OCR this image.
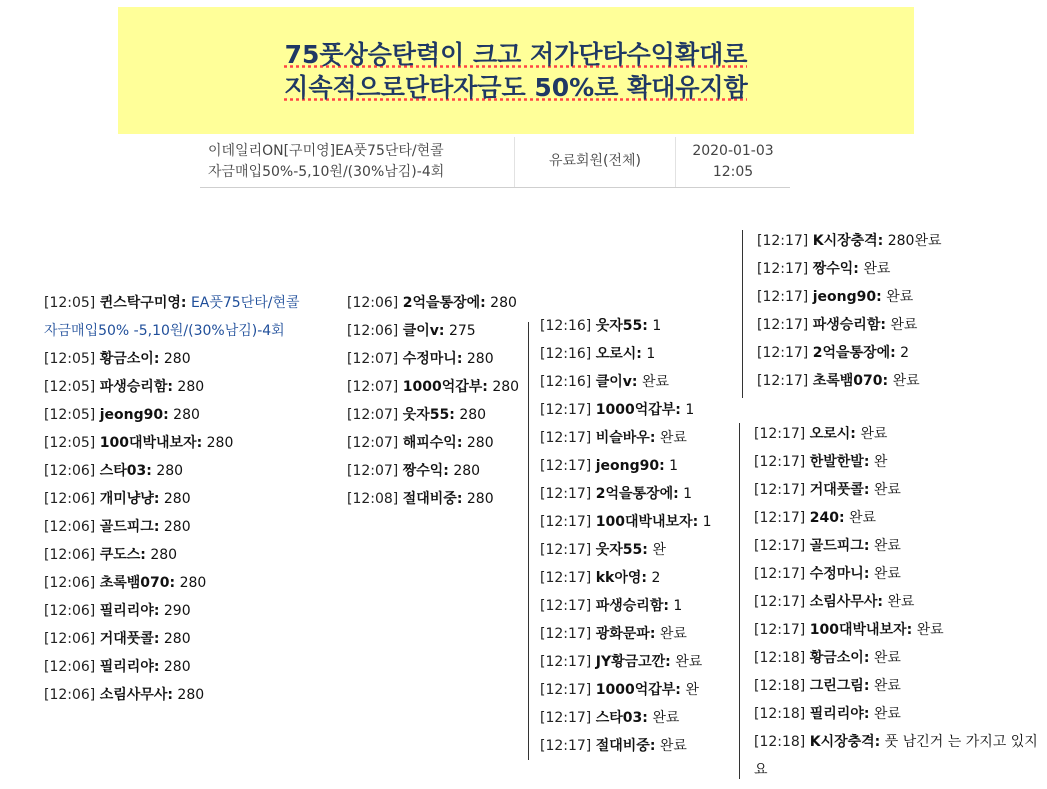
75풋상승탄력이 크고 저가단타수익확대로
지속적으로단타자금도 50%로 확대유지함
이데일리ON[구미영]EA풋75단타/현콜
자금매입50%-5,10원/(30%남김)-4회
유료회원(전체)
2020-01-03
12:05
[12:05] 퀸스탁구미영: EA풋75단타/현콜
자금매입50% -5,10원/(30%남김)-4회
[12:05] 황금소이: 280
[12:05] 파생승리함: 280
[12:05] jeong90: 280
[12:05] 100대박내보자: 280
[12:06] 스타03: 280
[12:06] 개미냥냥: 280
[12:06] 골드피그: 280
[12:06] 쿠도스: 280
[12:06] 초록뱀070: 280
[12:06] 필리리야: 290
[12:06] 거대풋콜: 280
[12:06] 필리리야: 280
[12:06] 소림사무사: 280
[12:06] 2억을통장에: 280
[12:06] 클이v: 275
[12:07] 수정마니: 280
[12:07] 1000억갑부: 280
[12:07] 웃자55: 280
[12:07] 해피수익: 280
[12:07] 짱수익: 280
[12:08] 절대비중: 280
[12:16] 웃자55: 1
[12:16] 오로시: 1
[12:16] 클이v: 완료
[12:17] 1000억갑부: 1
[12:17] 비슬바우: 완료
[12:17] jeong90: 1
[12:17] 2억을통장에: 1
[12:17] 100대박내보자: 1
[12:17] 웃자55: 완
[12:17] kk아영: 2
[12:17] 파생승리함: 1
[12:17] 광화문파: 완료
[12:17] JY황금고깐: 완료
[12:17] 1000억갑부: 완
[12:17] 스타03: 완료
[12:17] 절대비중: 완료
[12:17] K시장충격: 280완료
[12:17] 짱수익: 완료
[12:17] jeong90: 완료
[12:17] 파생승리함: 완료
[12:17] 2억을통장에: 2
[12:17] 초록뱀070: 완료
[12:17] 오로시: 완료
[12:17] 한발한발: 완
[12:17] 거대풋콜: 완료
[12:17] 240: 완료
[12:17] 골드피그: 완료
[12:17] 수정마니: 완료
[12:17] 소림사무사: 완료
[12:17] 100대박내보자: 완료
[12:18] 황금소이: 완료
[12:18] 그린그림: 완료
[12:18] 필리리야: 완료
[12:18] K시장충격: 풋 남긴거 는 가지고 있지요
